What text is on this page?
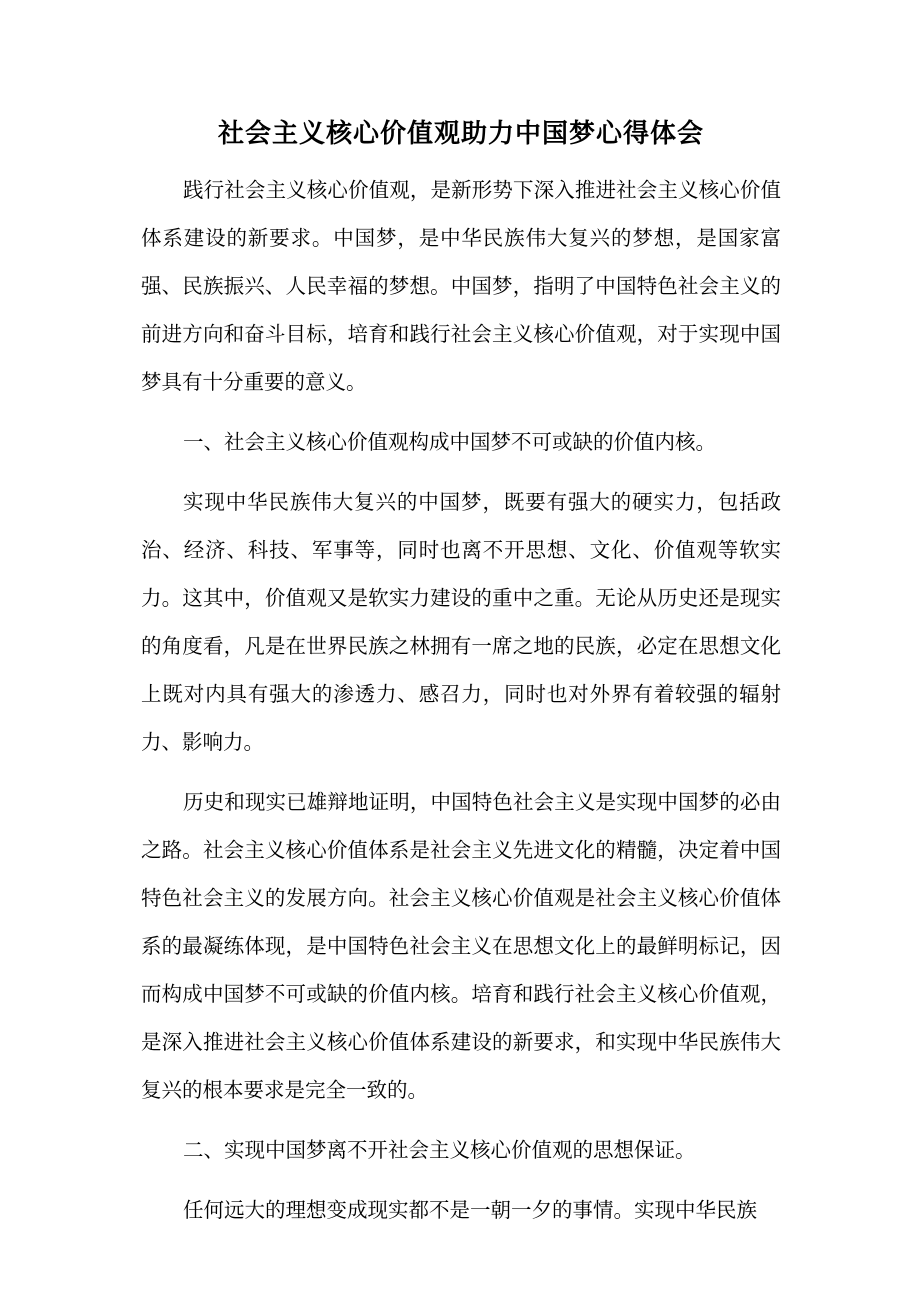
社会主义核心价值观助力中国梦心得体会

践行社会主义核心价值观，是新形势下深入推进社会主义核心价值体系建设的新要求。中国梦，是中华民族伟大复兴的梦想，是国家富强、民族振兴、人民幸福的梦想。中国梦，指明了中国特色社会主义的前进方向和奋斗目标，培育和践行社会主义核心价值观，对于实现中国梦具有十分重要的意义。

一、社会主义核心价值观构成中国梦不可或缺的价值内核。

实现中华民族伟大复兴的中国梦，既要有强大的硬实力，包括政治、经济、科技、军事等，同时也离不开思想、文化、价值观等软实力。这其中，价值观又是软实力建设的重中之重。无论从历史还是现实的角度看，凡是在世界民族之林拥有一席之地的民族，必定在思想文化上既对内具有强大的渗透力、感召力，同时也对外界有着较强的辐射力、影响力。

历史和现实已雄辩地证明，中国特色社会主义是实现中国梦的必由之路。社会主义核心价值体系是社会主义先进文化的精髓，决定着中国特色社会主义的发展方向。社会主义核心价值观是社会主义核心价值体系的最凝练体现，是中国特色社会主义在思想文化上的最鲜明标记，因而构成中国梦不可或缺的价值内核。培育和践行社会主义核心价值观，是深入推进社会主义核心价值体系建设的新要求，和实现中华民族伟大复兴的根本要求是完全一致的。

二、实现中国梦离不开社会主义核心价值观的思想保证。

任何远大的理想变成现实都不是一朝一夕的事情。实现中华民族
